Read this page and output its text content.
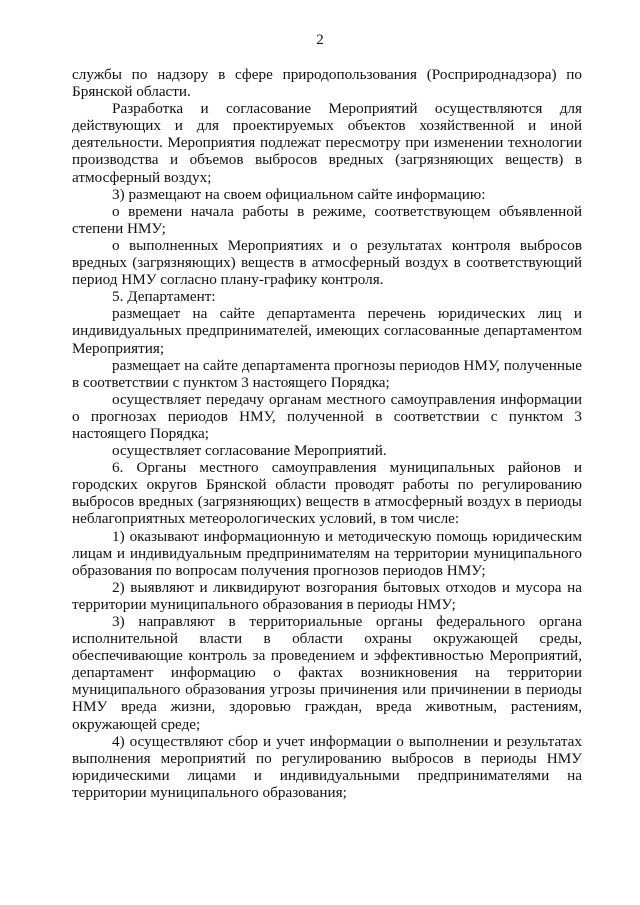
2

службы по надзору в сфере природопользования (Росприроднадзора) по Брянской области.

Разработка и согласование Мероприятий осуществляются для действующих и для проектируемых объектов хозяйственной и иной деятельности. Мероприятия подлежат пересмотру при изменении технологии производства и объемов выбросов вредных (загрязняющих веществ) в атмосферный воздух;

3) размещают на своем официальном сайте информацию:

о времени начала работы в режиме, соответствующем объявленной степени НМУ;

о выполненных Мероприятиях и о результатах контроля выбросов вредных (загрязняющих) веществ в атмосферный воздух в соответствующий период НМУ согласно плану-графику контроля.

5. Департамент:

размещает на сайте департамента перечень юридических лиц и индивидуальных предпринимателей, имеющих согласованные департаментом Мероприятия;

размещает на сайте департамента прогнозы периодов НМУ, полученные в соответствии с пунктом 3 настоящего Порядка;

осуществляет передачу органам местного самоуправления информации о прогнозах периодов НМУ, полученной в соответствии с пунктом 3 настоящего Порядка;

осуществляет согласование Мероприятий.

6. Органы местного самоуправления муниципальных районов и городских округов Брянской области проводят работы по регулированию выбросов вредных (загрязняющих) веществ в атмосферный воздух в периоды неблагоприятных метеорологических условий, в том числе:

1) оказывают информационную и методическую помощь юридическим лицам и индивидуальным предпринимателям на территории муниципального образования по вопросам получения прогнозов периодов НМУ;

2) выявляют и ликвидируют возгорания бытовых отходов и мусора на территории муниципального образования в периоды НМУ;

3) направляют в территориальные органы федерального органа исполнительной власти в области охраны окружающей среды, обеспечивающие контроль за проведением и эффективностью Мероприятий, департамент информацию о фактах возникновения на территории муниципального образования угрозы причинения или причинении в периоды НМУ вреда жизни, здоровью граждан, вреда животным, растениям, окружающей среде;

4) осуществляют сбор и учет информации о выполнении и результатах выполнения мероприятий по регулированию выбросов в периоды НМУ юридическими лицами и индивидуальными предпринимателями на территории муниципального образования;
